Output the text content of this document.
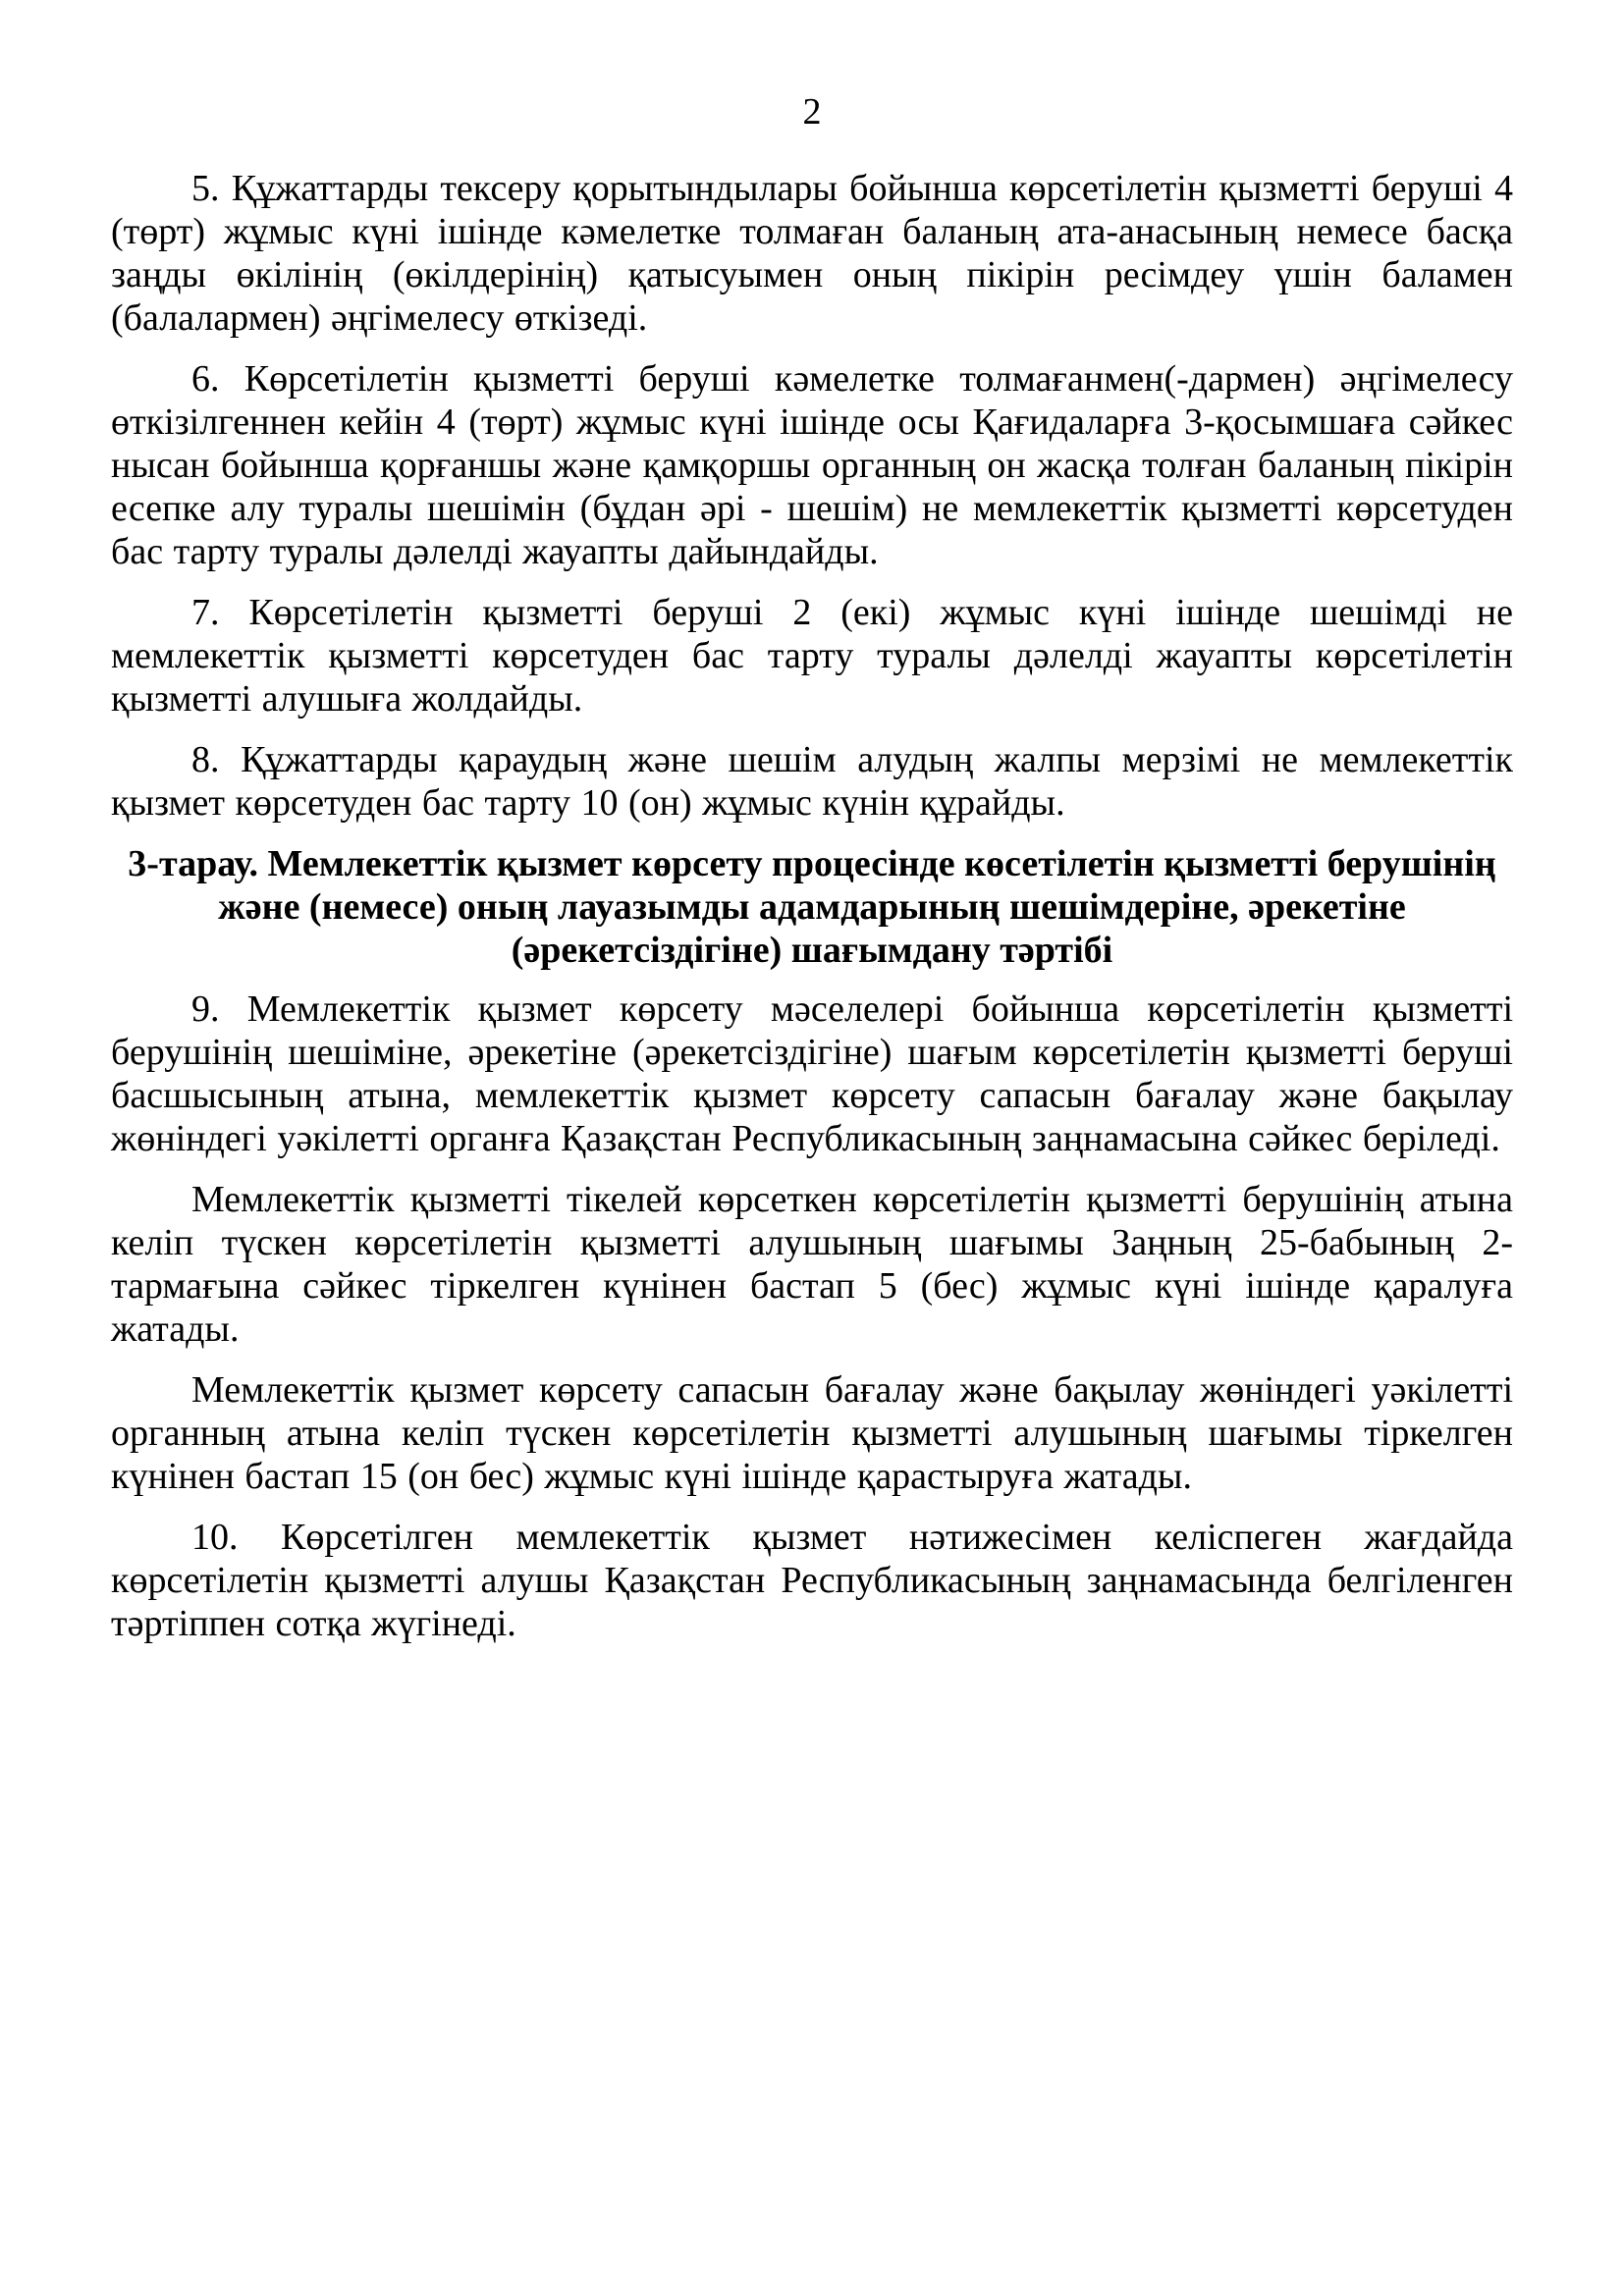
2

5. Құжаттарды тексеру қорытындылары бойынша көрсетілетін қызметті беруші 4 (төрт) жұмыс күні ішінде кәмелетке толмаған баланың ата-анасының немесе басқа заңды өкілінің (өкілдерінің) қатысуымен оның пікірін ресімдеу үшін баламен (балалармен) әңгімелесу өткізеді.

6. Көрсетілетін қызметті беруші кәмелетке толмағанмен(-дармен) әңгімелесу өткізілгеннен кейін 4 (төрт) жұмыс күні ішінде осы Қағидаларға 3-қосымшаға сәйкес нысан бойынша қорғаншы және қамқоршы органның он жасқа толған баланың пікірін есепке алу туралы шешімін (бұдан әрі - шешім) не мемлекеттік қызметті көрсетуден бас тарту туралы дәлелді жауапты дайындайды.

7. Көрсетілетін қызметті беруші 2 (екі) жұмыс күні ішінде шешімді не мемлекеттік қызметті көрсетуден бас тарту туралы дәлелді жауапты көрсетілетін қызметті алушыға жолдайды.

8. Құжаттарды қараудың және шешім алудың жалпы мерзімі не мемлекеттік қызмет көрсетуден бас тарту 10 (он) жұмыс күнін құрайды.

3-тарау. Мемлекеттік қызмет көрсету процесінде көсетілетін қызметті берушінің
және (немесе) оның лауазымды адамдарының шешімдеріне, әрекетіне
(әрекетсіздігіне) шағымдану тәртібі

9. Мемлекеттік қызмет көрсету мәселелері бойынша көрсетілетін қызметті берушінің шешіміне, әрекетіне (әрекетсіздігіне) шағым көрсетілетін қызметті беруші басшысының атына, мемлекеттік қызмет көрсету сапасын бағалау және бақылау жөніндегі уәкілетті органға Қазақстан Республикасының заңнамасына сәйкес беріледі.

Мемлекеттік қызметті тікелей көрсеткен көрсетілетін қызметті берушінің атына келіп түскен көрсетілетін қызметті алушының шағымы Заңның 25-бабының 2-тармағына сәйкес тіркелген күнінен бастап 5 (бес) жұмыс күні ішінде қаралуға жатады.

Мемлекеттік қызмет көрсету сапасын бағалау және бақылау жөніндегі уәкілетті органның атына келіп түскен көрсетілетін қызметті алушының шағымы тіркелген күнінен бастап 15 (он бес) жұмыс күні ішінде қарастыруға жатады.

10. Көрсетілген мемлекеттік қызмет нәтижесімен келіспеген жағдайда көрсетілетін қызметті алушы Қазақстан Республикасының заңнамасында белгіленген тәртіппен сотқа жүгінеді.
